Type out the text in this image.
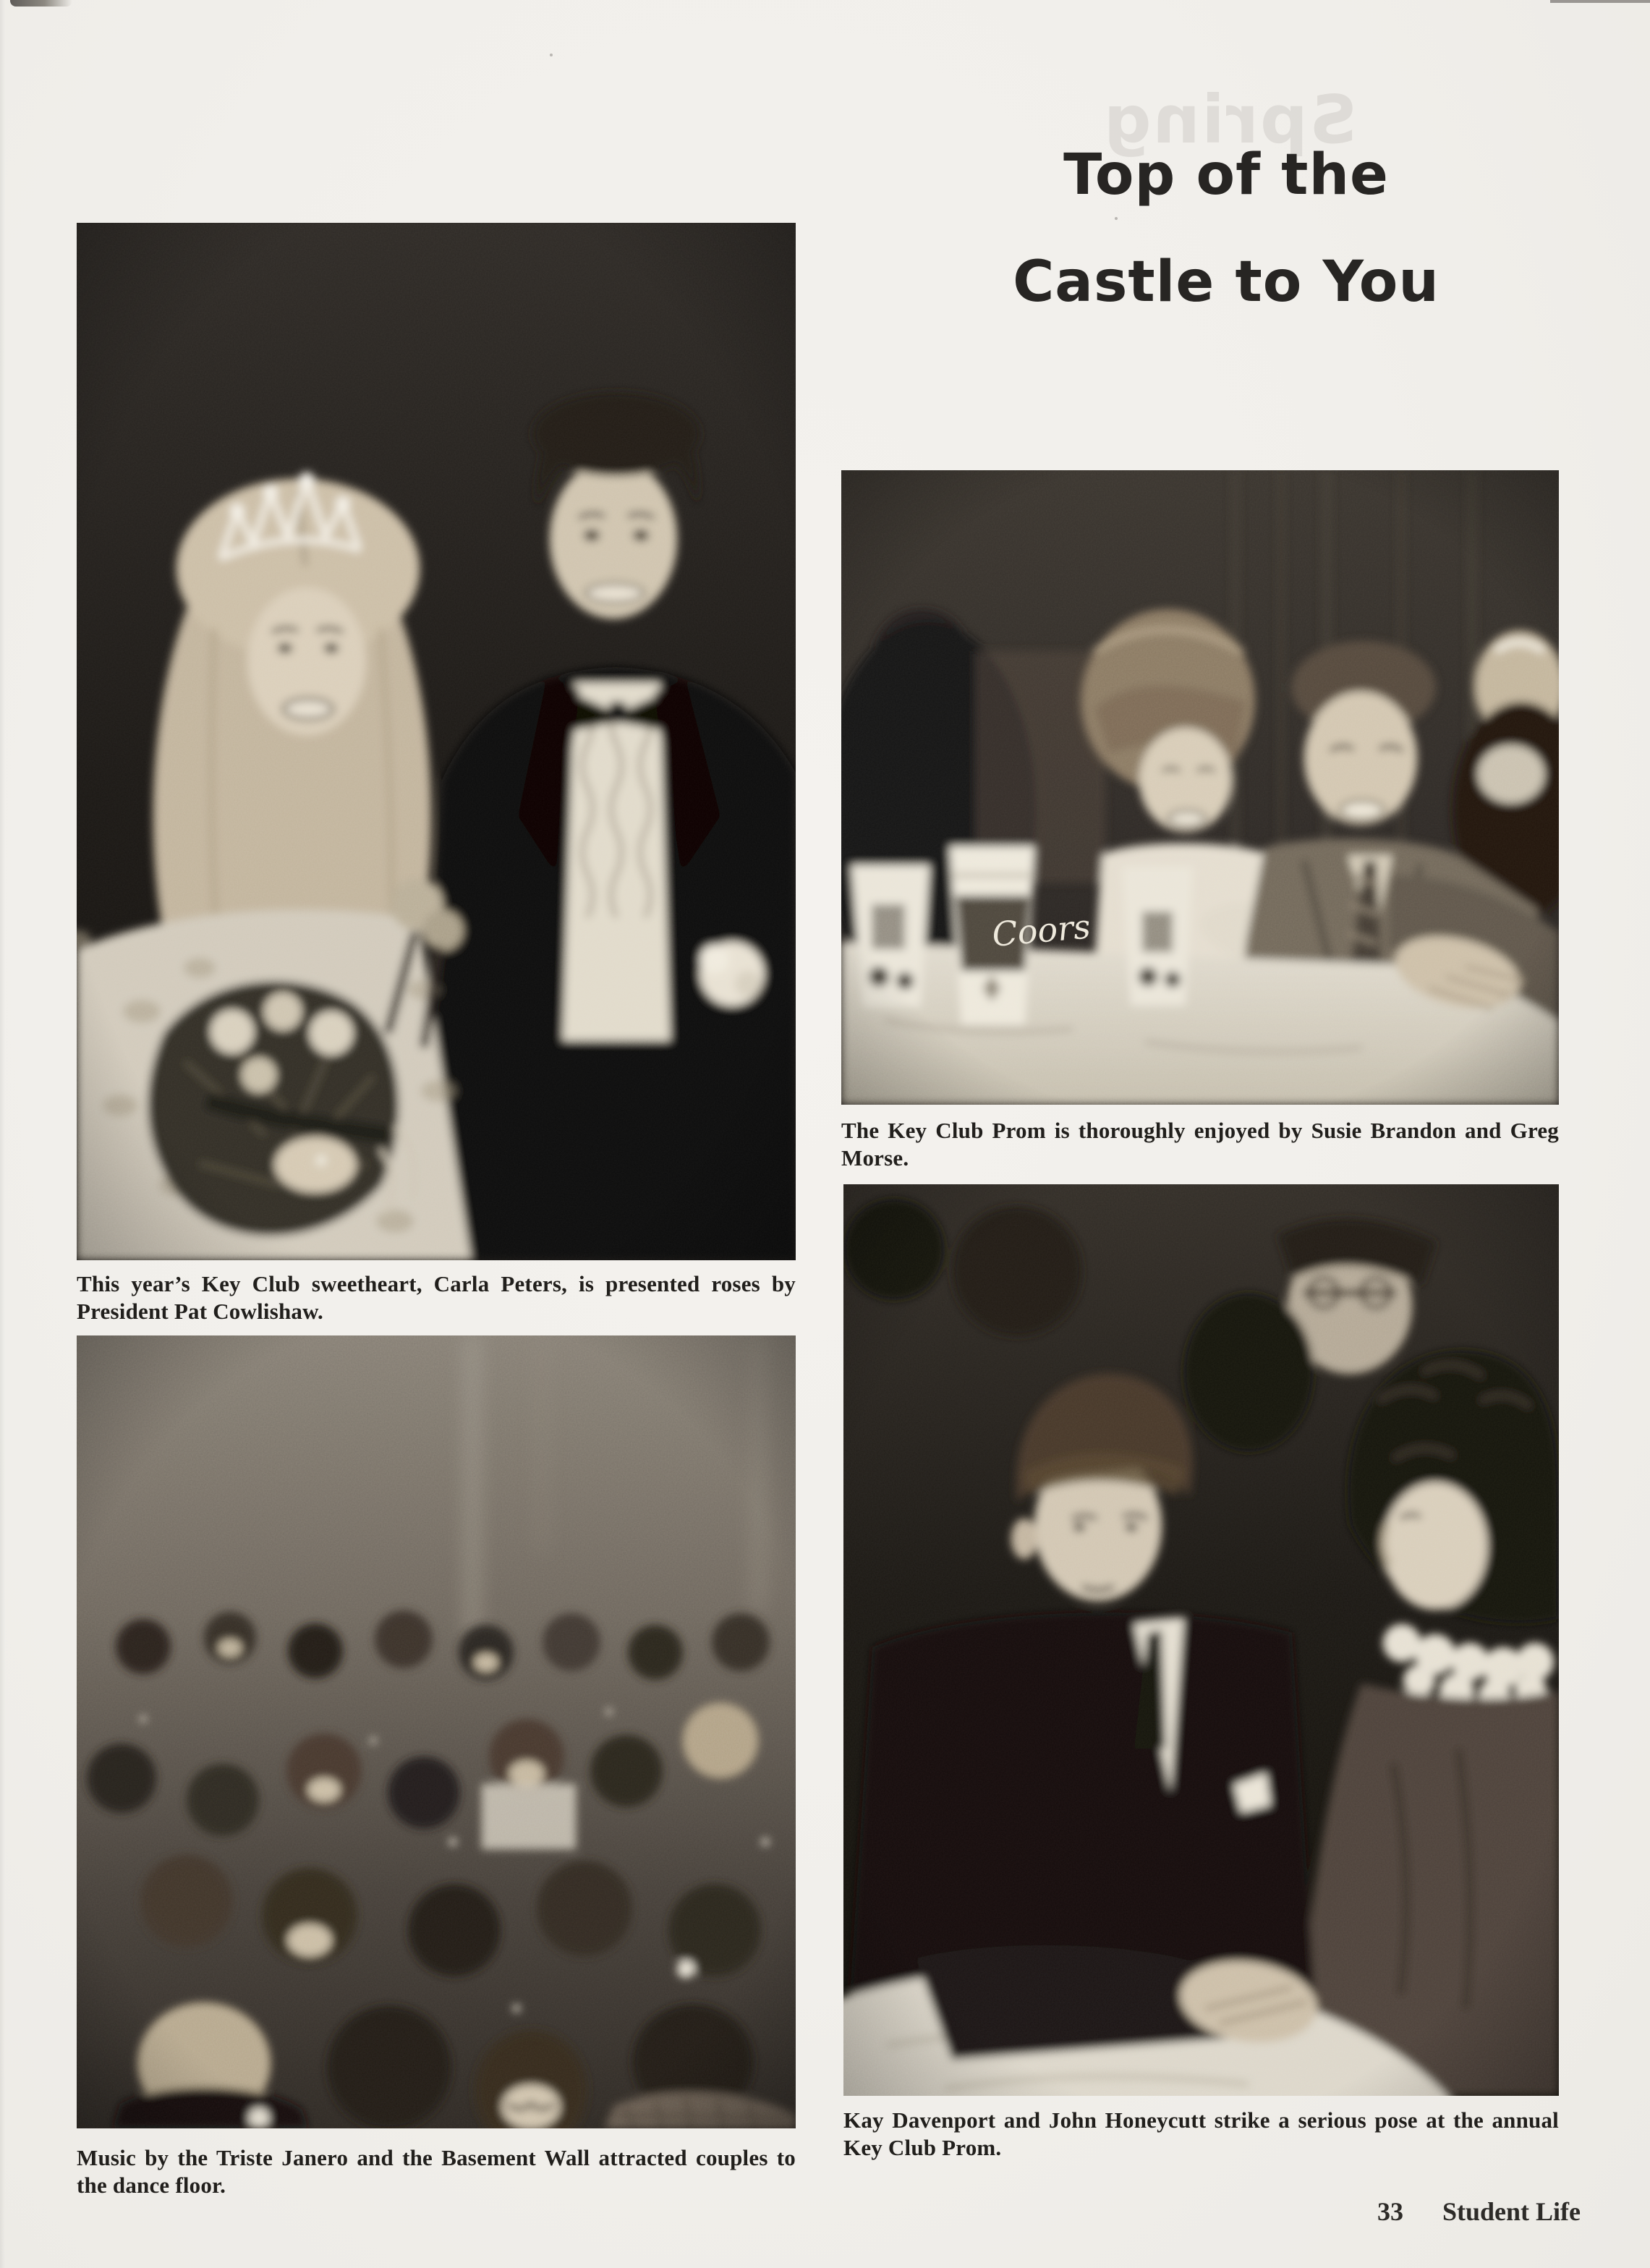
Spring
Top of the
Castle to You
This year’s Key Club sweetheart, Carla Peters, is presented roses by President Pat Cowlishaw.
The Key Club Prom is thoroughly enjoyed by Susie Brandon and Greg Morse.
Music by the Triste Janero and the Basement Wall attracted couples to the dance floor.
Kay Davenport and John Honeycutt strike a serious pose at the annual Key Club Prom.
33 Student Life
